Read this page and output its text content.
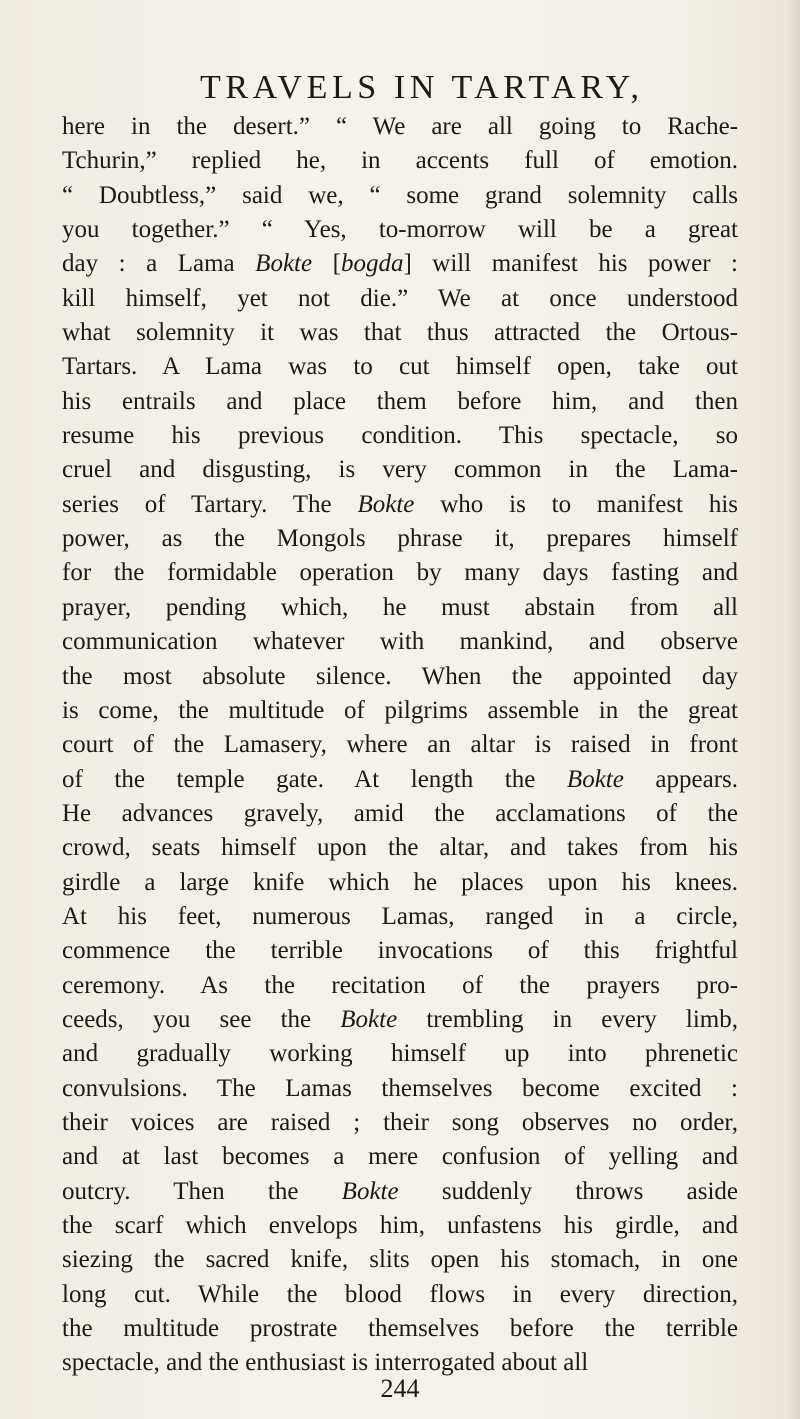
TRAVELS IN TARTARY,
here in the desert.” “ We are all going to Rache-
Tchurin,” replied he, in accents full of emotion.
“ Doubtless,” said we, “ some grand solemnity calls
you together.” “ Yes, to-morrow will be a great
day : a Lama Bokte [bogda] will manifest his power :
kill himself, yet not die.” We at once understood
what solemnity it was that thus attracted the Ortous-
Tartars. A Lama was to cut himself open, take out
his entrails and place them before him, and then
resume his previous condition. This spectacle, so
cruel and disgusting, is very common in the Lama-
series of Tartary. The Bokte who is to manifest his
power, as the Mongols phrase it, prepares himself
for the formidable operation by many days fasting and
prayer, pending which, he must abstain from all
communication whatever with mankind, and observe
the most absolute silence. When the appointed day
is come, the multitude of pilgrims assemble in the great
court of the Lamasery, where an altar is raised in front
of the temple gate. At length the Bokte appears.
He advances gravely, amid the acclamations of the
crowd, seats himself upon the altar, and takes from his
girdle a large knife which he places upon his knees.
At his feet, numerous Lamas, ranged in a circle,
commence the terrible invocations of this frightful
ceremony. As the recitation of the prayers pro-
ceeds, you see the Bokte trembling in every limb,
and gradually working himself up into phrenetic
convulsions. The Lamas themselves become excited :
their voices are raised ; their song observes no order,
and at last becomes a mere confusion of yelling and
outcry. Then the Bokte suddenly throws aside
the scarf which envelops him, unfastens his girdle, and
siezing the sacred knife, slits open his stomach, in one
long cut. While the blood flows in every direction,
the multitude prostrate themselves before the terrible
spectacle, and the enthusiast is interrogated about all
244
